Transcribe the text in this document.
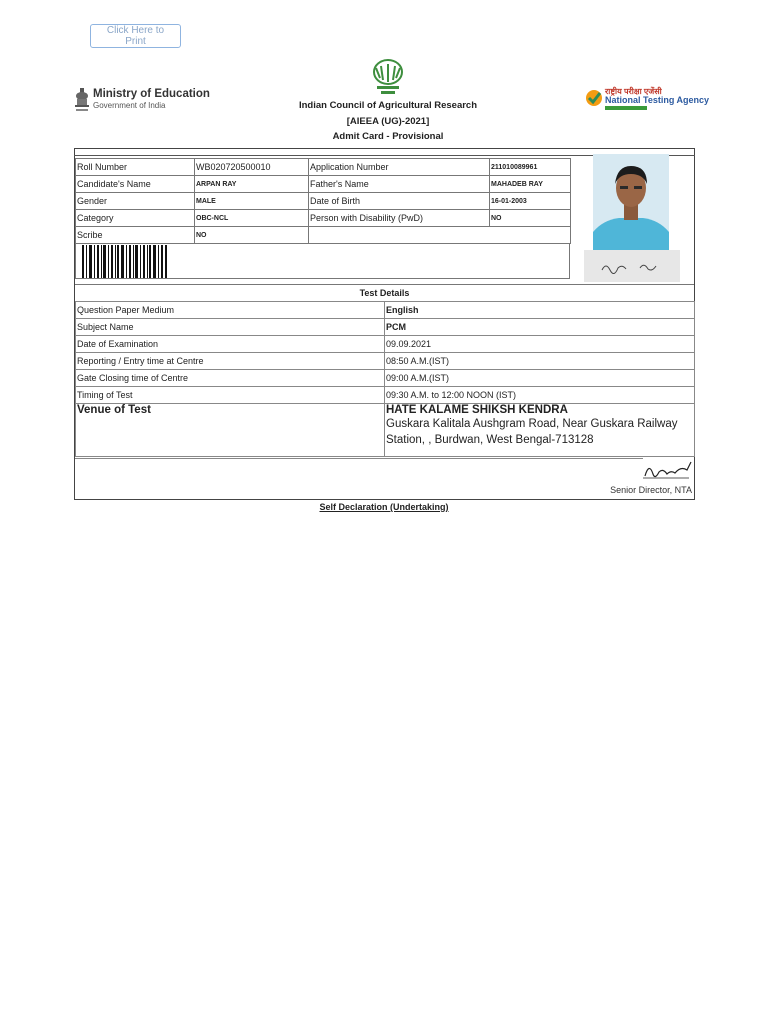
Click Here to Print
Ministry of Education
Government of India	Indian Council of Agricultural Research
[AIEEA (UG)-2021]
Admit Card - Provisional
राष्ट्रीय परीक्षा एजेंसी
National Testing Agency
Roll Number	WB020720500010	Application Number	211010089961
Candidate's Name	ARPAN RAY	Father's Name	MAHADEB RAY
Gender	MALE	Date of Birth	16-01-2003
Category	OBC-NCL	Person with Disability (PwD)	NO
Scribe	NO		
Test Details
Question Paper Medium	English
Subject Name	PCM
Date of Examination	09.09.2021
Reporting / Entry time at Centre	08:50 A.M.(IST)
Gate Closing time of Centre	09:00 A.M.(IST)
Timing of Test	09:30 A.M. to 12:00 NOON (IST)
Venue of Test	HATE KALAME SHIKSH KENDRA
Guskara Kalitala Aushgram Road, Near Guskara Railway Station, , Burdwan, West Bengal-713128
Senior Director, NTA
Self Declaration (Undertaking)
